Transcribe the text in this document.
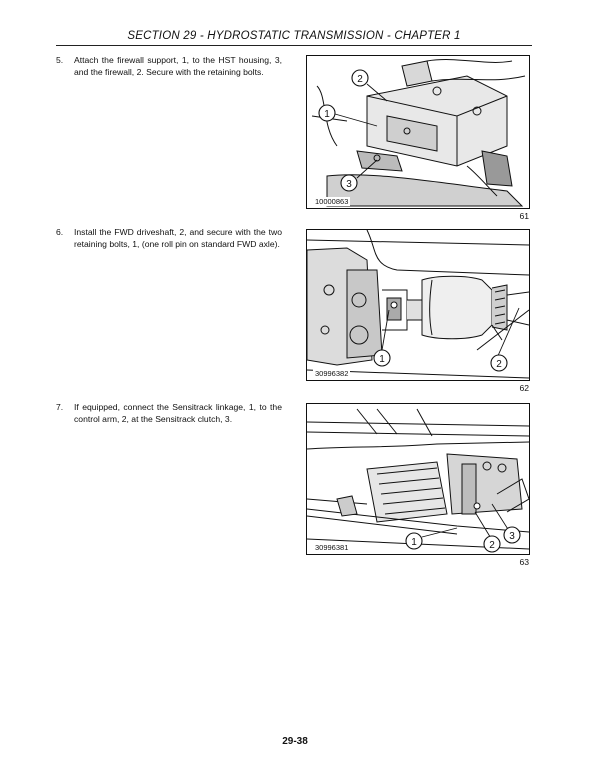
SECTION 29 - HYDROSTATIC TRANSMISSION - CHAPTER 1
5. Attach the firewall support, 1, to the HST housing, 3, and the firewall, 2. Secure with the retaining bolts.
1
2
3
10000863
61
6. Install the FWD driveshaft, 2, and secure with the two retaining bolts, 1, (one roll pin on standard FWD axle).
1	2
30996382
62
7. If equipped, connect the Sensitrack linkage, 1, to the control arm, 2, at the Sensitrack clutch, 3.
1	2
3
30996381
63
29-38
